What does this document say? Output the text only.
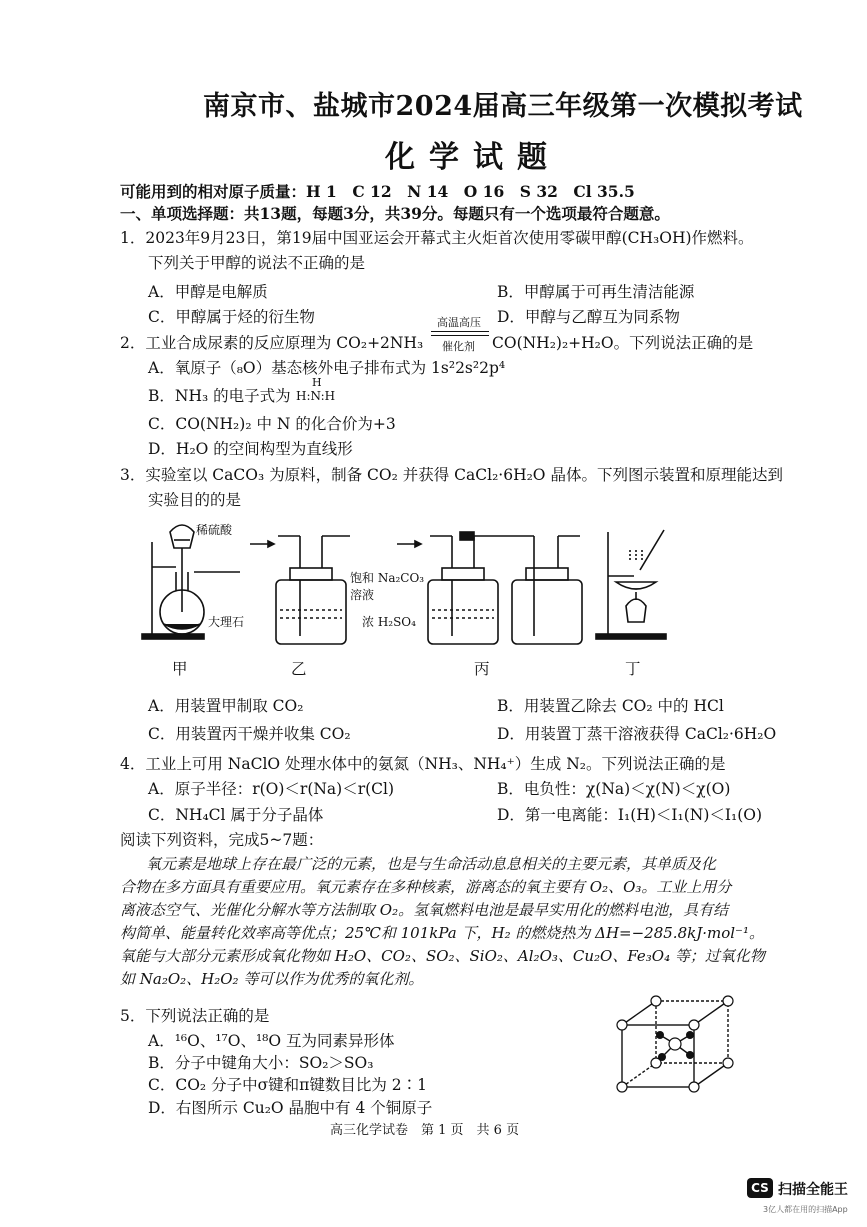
南京市、盐城市2024届高三年级第一次模拟考试
化学试题
可能用到的相对原子质量：H 1　C 12　N 14　O 16　S 32　Cl 35.5
一、单项选择题：共13题，每题3分，共39分。每题只有一个选项最符合题意。
1．2023年9月23日，第19届中国亚运会开幕式主火炬首次使用零碳甲醇(CH₃OH)作燃料。
下列关于甲醇的说法不正确的是
A．甲醇是电解质	B．甲醇属于可再生清洁能源
C．甲醇属于烃的衍生物	D．甲醇与乙醇互为同系物
2．工业合成尿素的反应原理为 CO₂+2NH₃
高温高压
催化剂 CO(NH₂)₂+H₂O。下列说法正确的是
A．氧原子（₈O）基态核外电子排布式为 1s²2s²2p⁴
B．NH₃ 的电子式为
H
H:N:H
C．CO(NH₂)₂ 中 N 的化合价为+3
D．H₂O 的空间构型为直线形
3．实验室以 CaCO₃ 为原料，制备 CO₂ 并获得 CaCl₂·6H₂O 晶体。下列图示装置和原理能达到
实验目的的是
稀硫酸
大理石
饱和 Na₂CO₃
溶液
浓 H₂SO₄
甲	乙	丙	丁
A．用装置甲制取 CO₂	B．用装置乙除去 CO₂ 中的 HCl
C．用装置丙干燥并收集 CO₂	D．用装置丁蒸干溶液获得 CaCl₂·6H₂O
4．工业上可用 NaClO 处理水体中的氨氮（NH₃、NH₄⁺）生成 N₂。下列说法正确的是
A．原子半径：r(O)＜r(Na)＜r(Cl)	B．电负性：χ(Na)＜χ(N)＜χ(O)
C．NH₄Cl 属于分子晶体	D．第一电离能：I₁(H)＜I₁(N)＜I₁(O)
阅读下列资料，完成5~7题：
氧元素是地球上存在最广泛的元素，也是与生命活动息息相关的主要元素，其单质及化
合物在多方面具有重要应用。氧元素存在多种核素，游离态的氧主要有 O₂、O₃。工业上用分
离液态空气、光催化分解水等方法制取 O₂。氢氧燃料电池是最早实用化的燃料电池，具有结
构简单、能量转化效率高等优点；25℃和 101kPa 下，H₂ 的燃烧热为 ΔH=−285.8kJ·mol⁻¹。
氧能与大部分元素形成氧化物如 H₂O、CO₂、SO₂、SiO₂、Al₂O₃、Cu₂O、Fe₃O₄ 等；过氧化物
如 Na₂O₂、H₂O₂ 等可以作为优秀的氧化剂。
5．下列说法正确的是
A．¹⁶O、¹⁷O、¹⁸O 互为同素异形体
B．分子中键角大小：SO₂＞SO₃
C．CO₂ 分子中σ键和π键数目比为 2∶1
D．右图所示 Cu₂O 晶胞中有 4 个铜原子
高三化学试卷　第 1 页　共 6 页
CS 扫描全能王
3亿人都在用的扫描App
